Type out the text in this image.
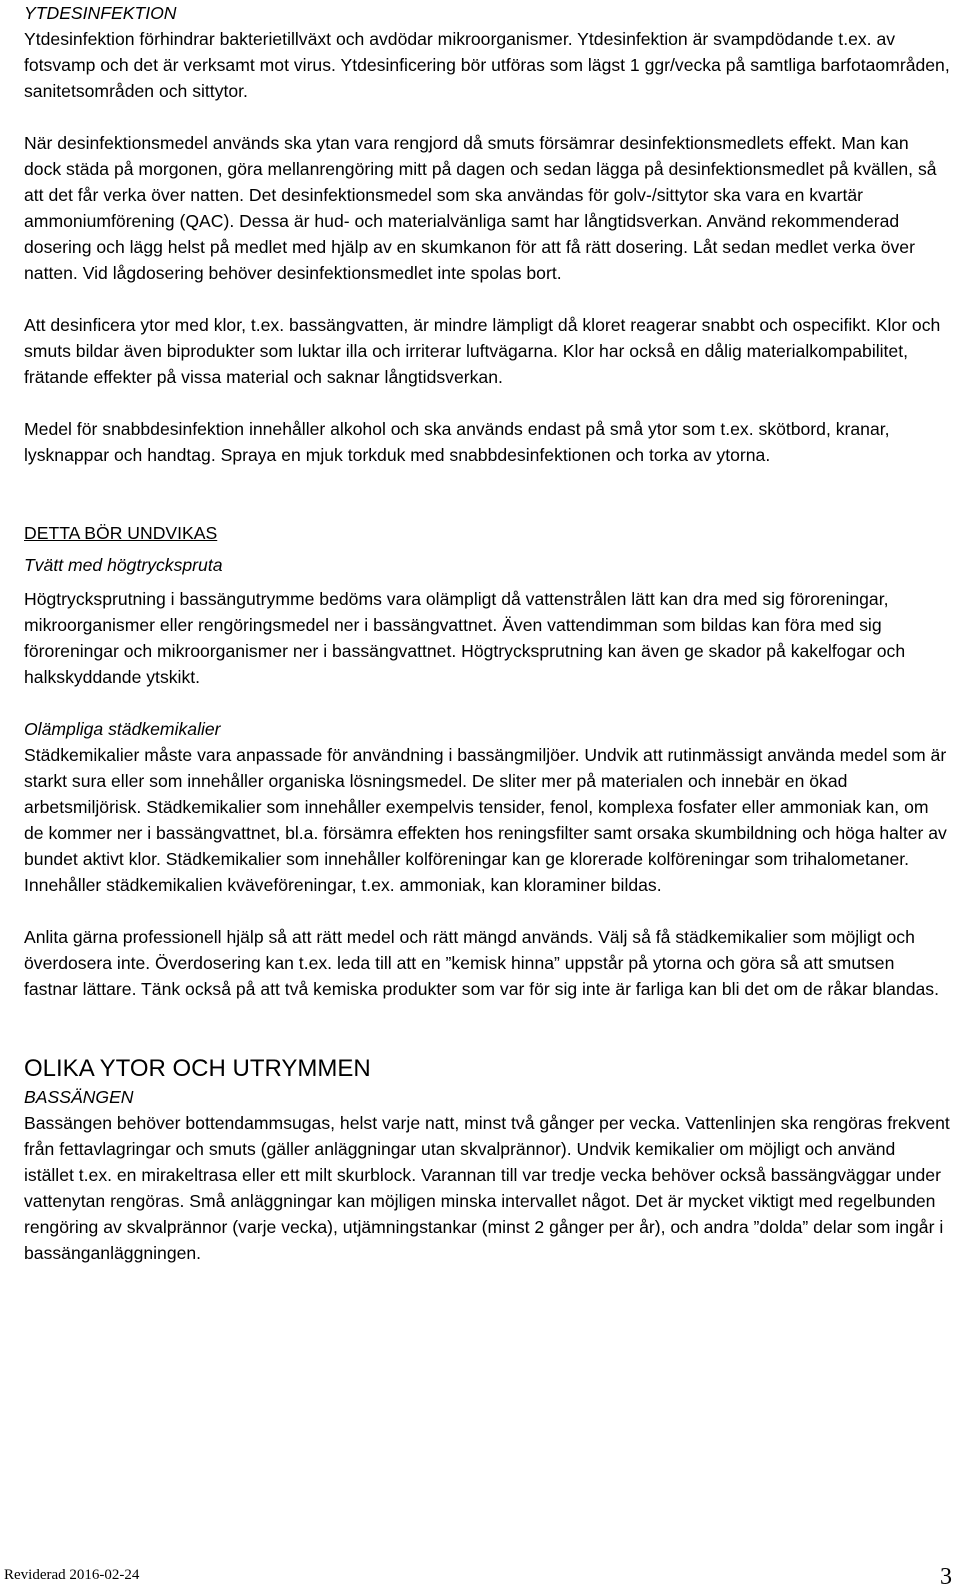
YTDESINFEKTION

Ytdesinfektion förhindrar bakterietillväxt och avdödar mikroorganismer. Ytdesinfektion är svampdödande t.ex. av fotsvamp och det är verksamt mot virus. Ytdesinficering bör utföras som lägst 1 ggr/vecka på samtliga barfotaområden, sanitetsområden och sittytor.

När desinfektionsmedel används ska ytan vara rengjord då smuts försämrar desinfektionsmedlets effekt. Man kan dock städa på morgonen, göra mellanrengöring mitt på dagen och sedan lägga på desinfektionsmedlet på kvällen, så att det får verka över natten. Det desinfektionsmedel som ska användas för golv-/sittytor ska vara en kvartär ammoniumförening (QAC). Dessa är hud- och materialvänliga samt har långtidsverkan. Använd rekommenderad dosering och lägg helst på medlet med hjälp av en skumkanon för att få rätt dosering. Låt sedan medlet verka över natten. Vid lågdosering behöver desinfektionsmedlet inte spolas bort.

Att desinficera ytor med klor, t.ex. bassängvatten, är mindre lämpligt då kloret reagerar snabbt och ospecifikt. Klor och smuts bildar även biprodukter som luktar illa och irriterar luftvägarna. Klor har också en dålig materialkompabilitet, frätande effekter på vissa material och saknar långtidsverkan.

Medel för snabbdesinfektion innehåller alkohol och ska används endast på små ytor som t.ex. skötbord, kranar, lysknappar och handtag. Spraya en mjuk torkduk med snabbdesinfektionen och torka av ytorna.

DETTA BÖR UNDVIKAS

Tvätt med högtryckspruta

Högtrycksprutning i bassängutrymme bedöms vara olämpligt då vattenstrålen lätt kan dra med sig föroreningar, mikroorganismer eller rengöringsmedel ner i bassängvattnet. Även vattendimman som bildas kan föra med sig föroreningar och mikroorganismer ner i bassängvattnet. Högtrycksprutning kan även ge skador på kakelfogar och halkskyddande ytskikt.

Olämpliga städkemikalier

Städkemikalier måste vara anpassade för användning i bassängmiljöer. Undvik att rutinmässigt använda medel som är starkt sura eller som innehåller organiska lösningsmedel. De sliter mer på materialen och innebär en ökad arbetsmiljörisk. Städkemikalier som innehåller exempelvis tensider, fenol, komplexa fosfater eller ammoniak kan, om de kommer ner i bassängvattnet, bl.a. försämra effekten hos reningsfilter samt orsaka skumbildning och höga halter av bundet aktivt klor. Städkemikalier som innehåller kolföreningar kan ge klorerade kolföreningar som trihalometaner. Innehåller städkemikalien kväveföreningar, t.ex. ammoniak, kan kloraminer bildas.

Anlita gärna professionell hjälp så att rätt medel och rätt mängd används. Välj så få städkemikalier som möjligt och överdosera inte. Överdosering kan t.ex. leda till att en ”kemisk hinna” uppstår på ytorna och göra så att smutsen fastnar lättare. Tänk också på att två kemiska produkter som var för sig inte är farliga kan bli det om de råkar blandas.

OLIKA YTOR OCH UTRYMMEN

BASSÄNGEN

Bassängen behöver bottendammsugas, helst varje natt, minst två gånger per vecka. Vattenlinjen ska rengöras frekvent från fettavlagringar och smuts (gäller anläggningar utan skvalprännor). Undvik kemikalier om möjligt och använd istället t.ex. en mirakeltrasa eller ett milt skurblock. Varannan till var tredje vecka behöver också bassängväggar under vattenytan rengöras. Små anläggningar kan möjligen minska intervallet något. Det är mycket viktigt med regelbunden rengöring av skvalprännor (varje vecka), utjämningstankar (minst 2 gånger per år), och andra ”dolda” delar som ingår i bassänganläggningen.

Reviderad 2016-02-24	3
